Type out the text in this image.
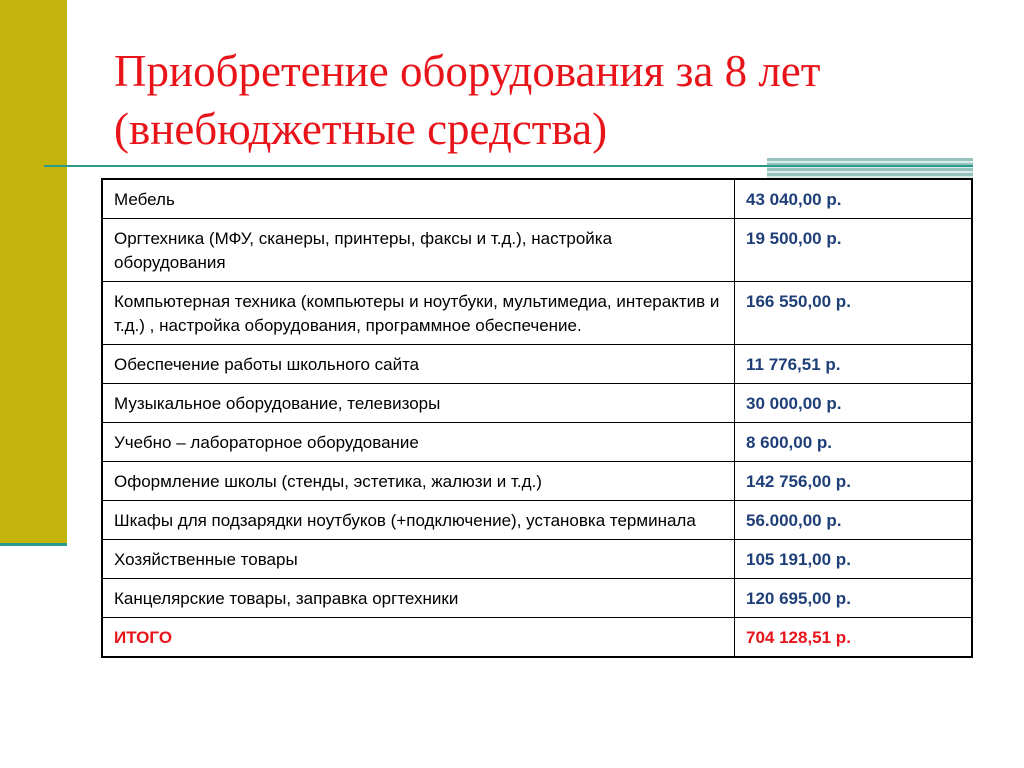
Приобретение оборудования за 8 лет
(внебюджетные средства)
Мебель	43 040,00 р.
Оргтехника (МФУ, сканеры, принтеры, факсы и т.д.), настройка оборудования	19 500,00 р.
Компьютерная техника (компьютеры и ноутбуки, мультимедиа, интерактив и т.д.) , настройка оборудования, программное обеспечение.	166 550,00 р.
Обеспечение работы школьного сайта	11 776,51 р.
Музыкальное оборудование, телевизоры	30 000,00 р.
Учебно – лабораторное оборудование	8 600,00 р.
Оформление школы (стенды, эстетика, жалюзи и т.д.)	142 756,00 р.
Шкафы для подзарядки ноутбуков (+подключение), установка терминала	56.000,00 р.
Хозяйственные товары	105 191,00 р.
Канцелярские товары, заправка оргтехники	120 695,00 р.
ИТОГО	704 128,51 р.
